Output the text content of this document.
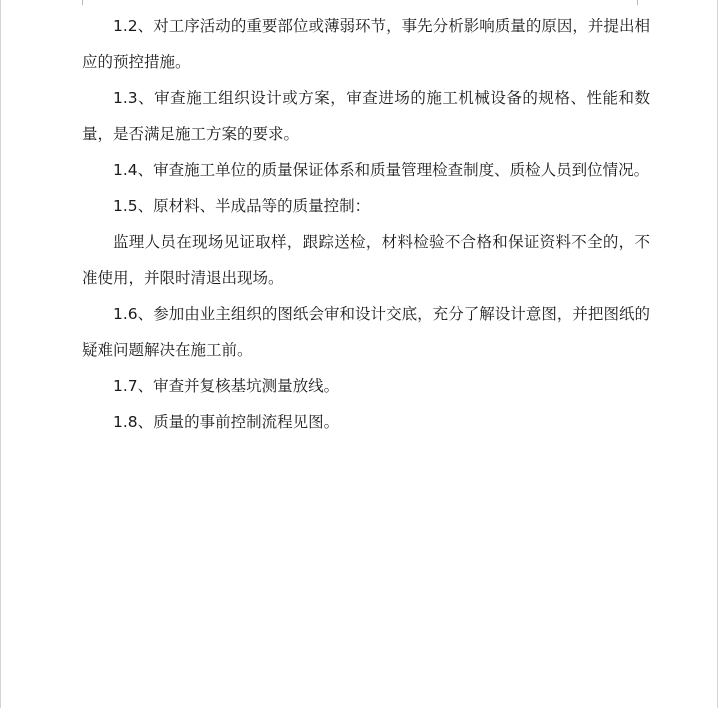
1.2、对工序活动的重要部位或薄弱环节，事先分析影响质量的原因，并提出相应的预控措施。

1.3、审查施工组织设计或方案，审查进场的施工机械设备的规格、性能和数量，是否满足施工方案的要求。

1.4、审查施工单位的质量保证体系和质量管理检查制度、质检人员到位情况。

1.5、原材料、半成品等的质量控制：

监理人员在现场见证取样，跟踪送检，材料检验不合格和保证资料不全的，不准使用，并限时清退出现场。

1.6、参加由业主组织的图纸会审和设计交底，充分了解设计意图，并把图纸的疑难问题解决在施工前。

1.7、审查并复核基坑测量放线。

1.8、质量的事前控制流程见图。
